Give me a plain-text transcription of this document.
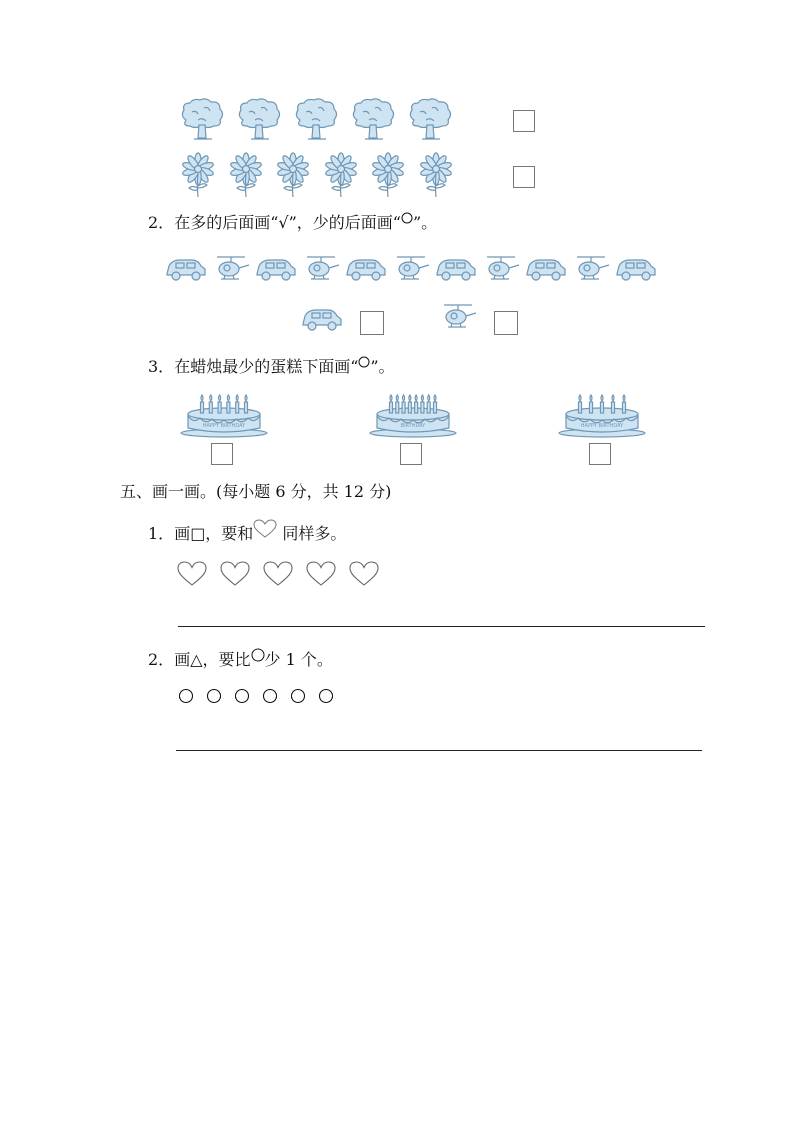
2．在多的后面画“√”，少的后面画“ ”。
3．在蜡烛最少的蛋糕下面画“ ”。
五、画一画。(每小题 6 分，共 12 分)
1．画□，要和 同样多。
2．画△，要比 少 1 个。
HAPPY BIRTHDAY	BIRTHDAY	HAPPY BIRTHDAY
